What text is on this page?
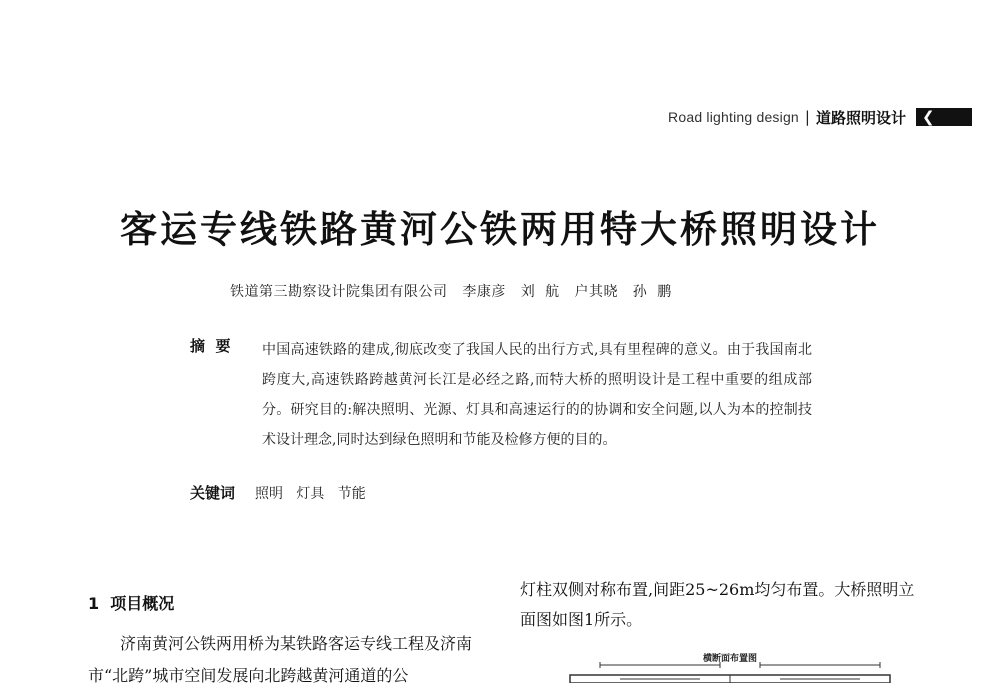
Road lighting design | 道路照明设计 ❮
客运专线铁路黄河公铁两用特大桥照明设计
铁道第三勘察设计院集团有限公司   李康彦   刘  航   户其晓   孙  鹏
摘  要 中国高速铁路的建成,彻底改变了我国人民的出行方式,具有里程碑的意义。由于我国南北跨度大,高速铁路跨越黄河长江是必经之路,而特大桥的照明设计是工程中重要的组成部分。研究目的:解决照明、光源、灯具和高速运行的的协调和安全问题,以人为本的控制技术设计理念,同时达到绿色照明和节能及检修方便的目的。
关键词 照明   灯具   节能
1  项目概况
济南黄河公铁两用桥为某铁路客运专线工程及济南市“北跨”城市空间发展向北跨越黄河通道的公
灯柱双侧对称布置,间距25~26m均匀布置。大桥照明立面图如图1所示。
横断面布置图
